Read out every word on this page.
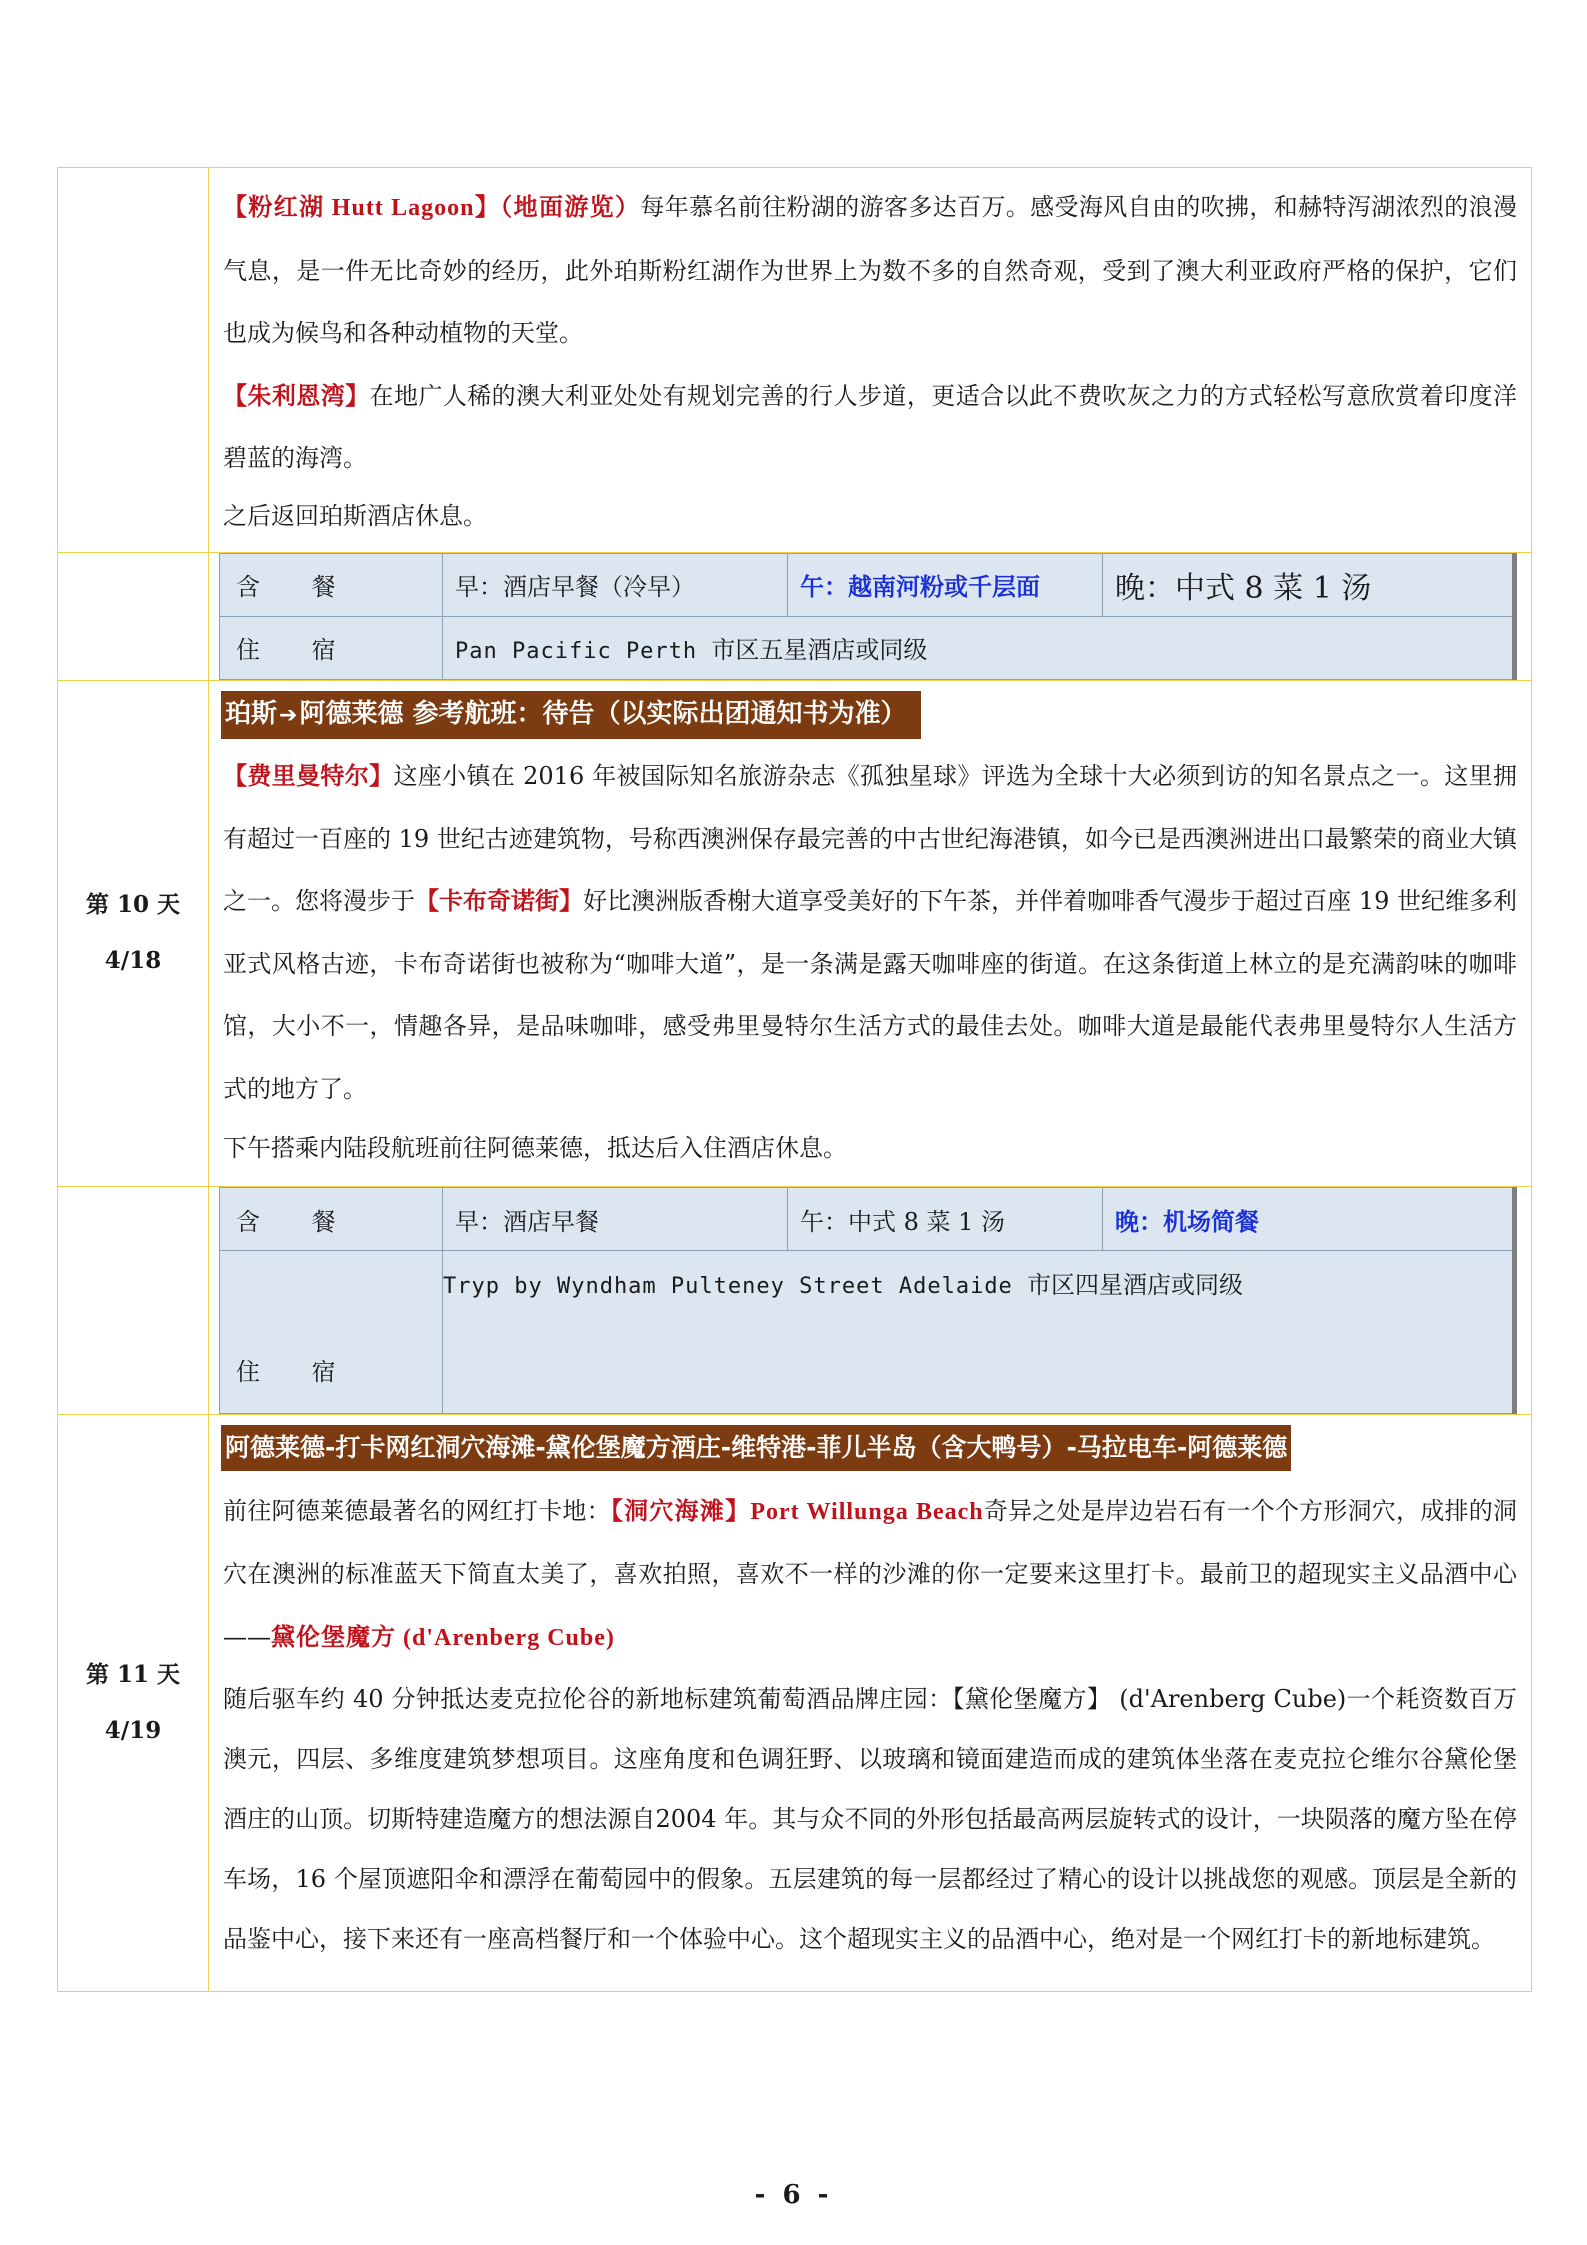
【粉红湖 Hutt Lagoon】（地面游览）每年慕名前往粉湖的游客多达百万。感受海风自由的吹拂，和赫特泻湖浓烈的浪漫气息，是一件无比奇妙的经历，此外珀斯粉红湖作为世界上为数不多的自然奇观，受到了澳大利亚政府严格的保护，它们也成为候鸟和各种动植物的天堂。

【朱利恩湾】在地广人稀的澳大利亚处处有规划完善的行人步道，更适合以此不费吹灰之力的方式轻松写意欣赏着印度洋碧蓝的海湾。

之后返回珀斯酒店休息。

含 餐	早：酒店早餐（冷早）	午：越南河粉或千层面	晚：中式 8 菜 1 汤
住 宿	Pan Pacific Perth 市区五星酒店或同级

第 10 天
4/18

珀斯➔阿德莱德 参考航班：待告（以实际出团通知书为准）

【费里曼特尔】这座小镇在 2016 年被国际知名旅游杂志《孤独星球》评选为全球十大必须到访的知名景点之一。这里拥有超过一百座的 19 世纪古迹建筑物，号称西澳洲保存最完善的中古世纪海港镇，如今已是西澳洲进出口最繁荣的商业大镇之一。您将漫步于【卡布奇诺街】好比澳洲版香榭大道享受美好的下午茶，并伴着咖啡香气漫步于超过百座 19 世纪维多利亚式风格古迹，卡布奇诺街也被称为“咖啡大道”，是一条满是露天咖啡座的街道。在这条街道上林立的是充满韵味的咖啡馆，大小不一，情趣各异，是品味咖啡，感受弗里曼特尔生活方式的最佳去处。咖啡大道是最能代表弗里曼特尔人生活方式的地方了。

下午搭乘内陆段航班前往阿德莱德，抵达后入住酒店休息。

含 餐	早：酒店早餐	午：中式 8 菜 1 汤	晚：机场简餐
住 宿	Tryp by Wyndham Pulteney Street Adelaide 市区四星酒店或同级

第 11 天
4/19

阿德莱德-打卡网红洞穴海滩-黛伦堡魔方酒庄-维特港-菲儿半岛（含大鸭号）-马拉电车-阿德莱德

前往阿德莱德最著名的网红打卡地：【洞穴海滩】Port Willunga Beach奇异之处是岸边岩石有一个个方形洞穴，成排的洞穴在澳洲的标准蓝天下简直太美了，喜欢拍照，喜欢不一样的沙滩的你一定要来这里打卡。最前卫的超现实主义品酒中心——黛伦堡魔方 (d'Arenberg Cube)

随后驱车约 40 分钟抵达麦克拉伦谷的新地标建筑葡萄酒品牌庄园：【黛伦堡魔方】 (d'Arenberg Cube)一个耗资数百万澳元，四层、多维度建筑梦想项目。这座角度和色调狂野、以玻璃和镜面建造而成的建筑体坐落在麦克拉仑维尔谷黛伦堡酒庄的山顶。切斯特建造魔方的想法源自2004 年。其与众不同的外形包括最高两层旋转式的设计，一块陨落的魔方坠在停车场，16 个屋顶遮阳伞和漂浮在葡萄园中的假象。五层建筑的每一层都经过了精心的设计以挑战您的观感。顶层是全新的品鉴中心，接下来还有一座高档餐厅和一个体验中心。这个超现实主义的品酒中心，绝对是一个网红打卡的新地标建筑。

- 6 -
